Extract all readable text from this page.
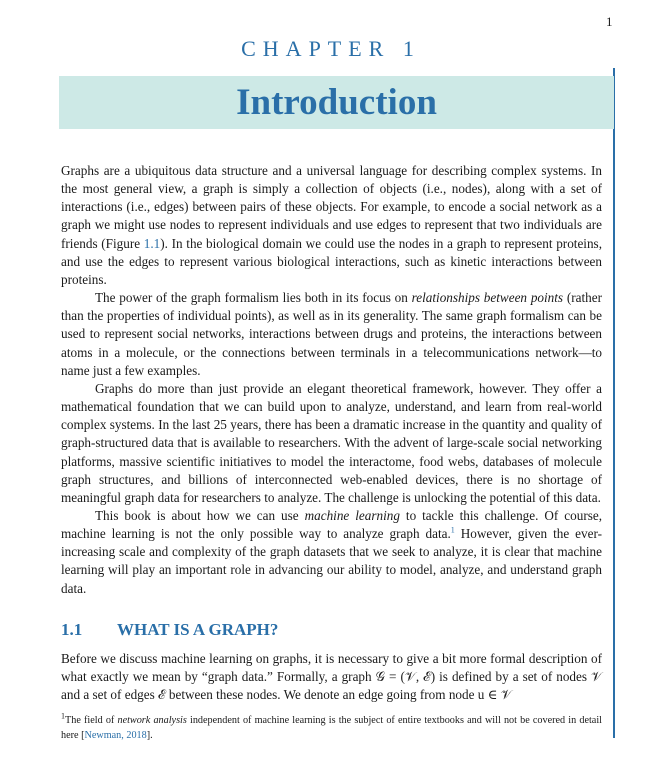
1
CHAPTER 1
Introduction

Graphs are a ubiquitous data structure and a universal language for describing complex systems. In the most general view, a graph is simply a collection of objects (i.e., nodes), along with a set of interactions (i.e., edges) between pairs of these objects. For example, to encode a social network as a graph we might use nodes to represent individuals and use edges to represent that two individuals are friends (Figure 1.1). In the biological domain we could use the nodes in a graph to represent proteins, and use the edges to represent various biological interactions, such as kinetic interactions between proteins.

The power of the graph formalism lies both in its focus on relationships between points (rather than the properties of individual points), as well as in its generality. The same graph formalism can be used to represent social networks, interactions between drugs and proteins, the interactions between atoms in a molecule, or the connections between terminals in a telecommunications network—to name just a few examples.

Graphs do more than just provide an elegant theoretical framework, however. They offer a mathematical foundation that we can build upon to analyze, understand, and learn from real-world complex systems. In the last 25 years, there has been a dramatic increase in the quantity and quality of graph-structured data that is available to researchers. With the advent of large-scale social networking platforms, massive scientific initiatives to model the interactome, food webs, databases of molecule graph structures, and billions of interconnected web-enabled devices, there is no shortage of meaningful graph data for researchers to analyze. The challenge is unlocking the potential of this data.

This book is about how we can use machine learning to tackle this challenge. Of course, machine learning is not the only possible way to analyze graph data.$^1$ However, given the ever-increasing scale and complexity of the graph datasets that we seek to analyze, it is clear that machine learning will play an important role in advancing our ability to model, analyze, and understand graph data.

1.1 WHAT IS A GRAPH?

Before we discuss machine learning on graphs, it is necessary to give a bit more formal description of what exactly we mean by “graph data.” Formally, a graph 𝒢 = (𝒱, ℰ) is defined by a set of nodes 𝒱 and a set of edges ℰ between these nodes. We denote an edge going from node u ∈ 𝒱

$^1$The field of network analysis independent of machine learning is the subject of entire textbooks and will not be covered in detail here [Newman, 2018].
